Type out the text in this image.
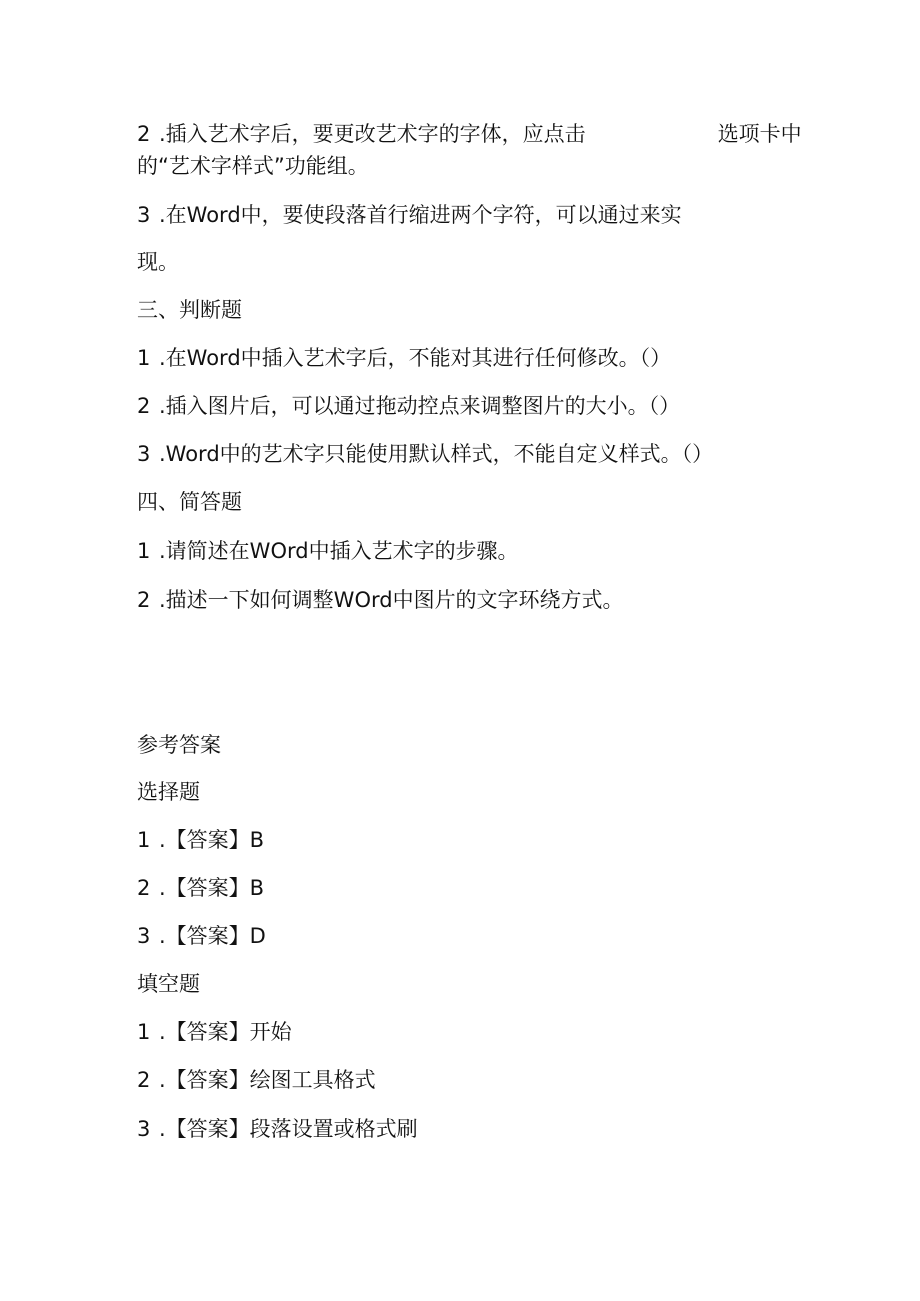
2 .插入艺术字后，要更改艺术字的字体，应点击	选项卡中
的“艺术字样式”功能组。
3 .在Word中，要使段落首行缩进两个字符，可以通过来实
现。
三、判断题
1 .在Word中插入艺术字后，不能对其进行任何修改。（）
2 .插入图片后，可以通过拖动控点来调整图片的大小。（）
3 .Word中的艺术字只能使用默认样式，不能自定义样式。（）
四、简答题
1 .请简述在WOrd中插入艺术字的步骤。
2 .描述一下如何调整WOrd中图片的文字环绕方式。
参考答案
选择题
1 .【答案】B
2 .【答案】B
3 .【答案】D
填空题
1 .【答案】开始
2 .【答案】绘图工具格式
3 .【答案】段落设置或格式刷
